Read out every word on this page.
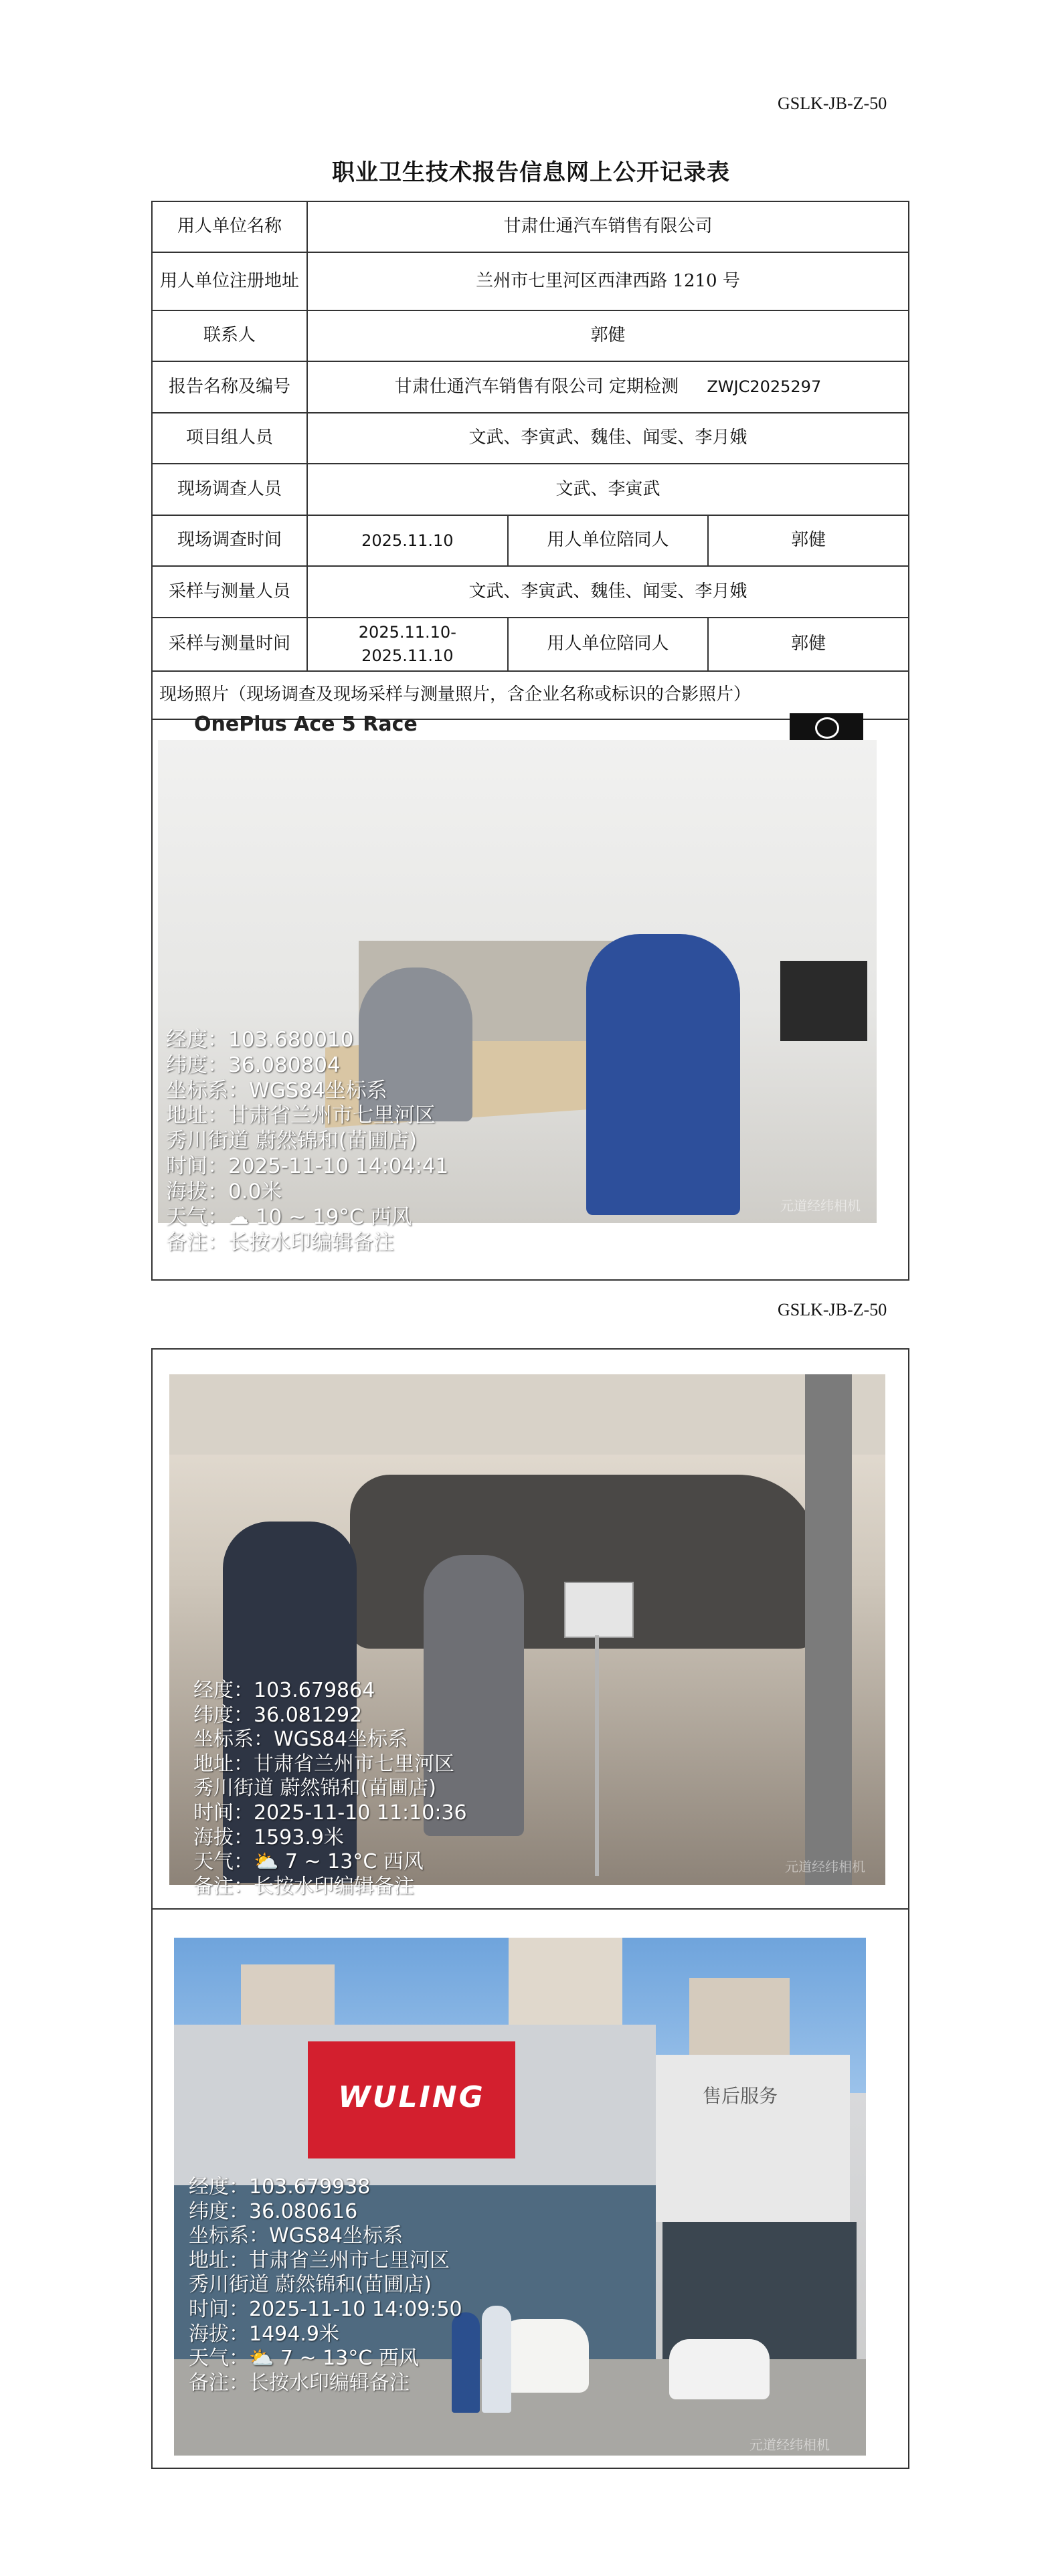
GSLK-JB-Z-50
职业卫生技术报告信息网上公开记录表
用人单位名称	甘肃仕通汽车销售有限公司		
用人单位注册地址	兰州市七里河区西津西路 1210 号		
联系人	郭健		
报告名称及编号	甘肃仕通汽车销售有限公司 定期检测 ZWJC2025297		
项目组人员	文武、李寅武、魏佳、闻雯、李月娥		
现场调查人员	文武、李寅武		
现场调查时间	2025.11.10	用人单位陪同人	郭健
采样与测量人员	文武、李寅武、魏佳、闻雯、李月娥		
采样与测量时间	2025.11.10-2025.11.10	用人单位陪同人	郭健
现场照片（现场调查及现场采样与测量照片，含企业名称或标识的合影照片）			
OnePlus Ace 5 Race
经度：103.680010
纬度：36.080804
坐标系：WGS84坐标系
地址：甘肃省兰州市七里河区
秀川街道 蔚然锦和(苗圃店)
时间：2025-11-10 14:04:41
海拔：0.0米
天气：☁ 10 ~ 19°C 西风
备注：长按水印编辑备注
元道经纬相机
GSLK-JB-Z-50
经度：103.679864
纬度：36.081292
坐标系：WGS84坐标系
地址：甘肃省兰州市七里河区
秀川街道 蔚然锦和(苗圃店)
时间：2025-11-10 11:10:36
海拔：1593.9米
天气：⛅ 7 ~ 13°C 西风
备注：长按水印编辑备注
元道经纬相机
WULING	售后服务
经度：103.679938
纬度：36.080616
坐标系：WGS84坐标系
地址：甘肃省兰州市七里河区
秀川街道 蔚然锦和(苗圃店)
时间：2025-11-10 14:09:50
海拔：1494.9米
天气：⛅ 7 ~ 13°C 西风
备注：长按水印编辑备注
元道经纬相机
